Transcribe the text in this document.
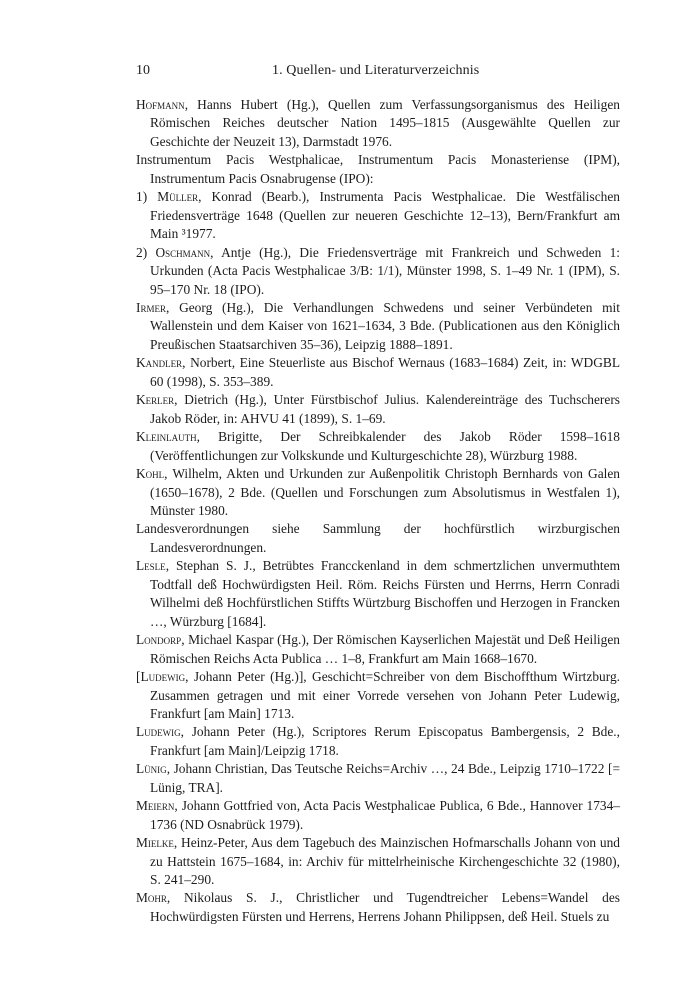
10	1. Quellen- und Literaturverzeichnis

Hofmann, Hanns Hubert (Hg.), Quellen zum Verfassungsorganismus des Heiligen Römischen Reiches deutscher Nation 1495–1815 (Ausgewählte Quellen zur Geschichte der Neuzeit 13), Darmstadt 1976.

Instrumentum Pacis Westphalicae, Instrumentum Pacis Monasteriense (IPM), Instrumentum Pacis Osnabrugense (IPO):

1) Müller, Konrad (Bearb.), Instrumenta Pacis Westphalicae. Die Westfälischen Friedensverträge 1648 (Quellen zur neueren Geschichte 12–13), Bern/Frankfurt am Main ³1977.

2) Oschmann, Antje (Hg.), Die Friedensverträge mit Frankreich und Schweden 1: Urkunden (Acta Pacis Westphalicae 3/B: 1/1), Münster 1998, S. 1–49 Nr. 1 (IPM), S. 95–170 Nr. 18 (IPO).

Irmer, Georg (Hg.), Die Verhandlungen Schwedens und seiner Verbündeten mit Wallenstein und dem Kaiser von 1621–1634, 3 Bde. (Publicationen aus den Königlich Preußischen Staatsarchiven 35–36), Leipzig 1888–1891.

Kandler, Norbert, Eine Steuerliste aus Bischof Wernaus (1683–1684) Zeit, in: WDGBL 60 (1998), S. 353–389.

Kerler, Dietrich (Hg.), Unter Fürstbischof Julius. Kalendereinträge des Tuchscherers Jakob Röder, in: AHVU 41 (1899), S. 1–69.

Kleinlauth, Brigitte, Der Schreibkalender des Jakob Röder 1598–1618 (Veröffentlichungen zur Volkskunde und Kulturgeschichte 28), Würzburg 1988.

Kohl, Wilhelm, Akten und Urkunden zur Außenpolitik Christoph Bernhards von Galen (1650–1678), 2 Bde. (Quellen und Forschungen zum Absolutismus in Westfalen 1), Münster 1980.

Landesverordnungen siehe Sammlung der hochfürstlich wirzburgischen Landesverordnungen.

Lesle, Stephan S. J., Betrübtes Francckenland in dem schmertzlichen unvermuthtem Todtfall deß Hochwürdigsten Heil. Röm. Reichs Fürsten und Herrns, Herrn Conradi Wilhelmi deß Hochfürstlichen Stiffts Würtzburg Bischoffen und Herzogen in Francken …, Würzburg [1684].

Londorp, Michael Kaspar (Hg.), Der Römischen Kayserlichen Majestät und Deß Heiligen Römischen Reichs Acta Publica … 1–8, Frankfurt am Main 1668–1670.

[Ludewig, Johann Peter (Hg.)], Geschicht=Schreiber von dem Bischoffthum Wirtzburg. Zusammen getragen und mit einer Vorrede versehen von Johann Peter Ludewig, Frankfurt [am Main] 1713.

Ludewig, Johann Peter (Hg.), Scriptores Rerum Episcopatus Bambergensis, 2 Bde., Frankfurt [am Main]/Leipzig 1718.

Lünig, Johann Christian, Das Teutsche Reichs=Archiv …, 24 Bde., Leipzig 1710–1722 [= Lünig, TRA].

Meiern, Johann Gottfried von, Acta Pacis Westphalicae Publica, 6 Bde., Hannover 1734–1736 (ND Osnabrück 1979).

Mielke, Heinz-Peter, Aus dem Tagebuch des Mainzischen Hofmarschalls Johann von und zu Hattstein 1675–1684, in: Archiv für mittelrheinische Kirchengeschichte 32 (1980), S. 241–290.

Mohr, Nikolaus S. J., Christlicher und Tugendtreicher Lebens=Wandel des Hochwürdigsten Fürsten und Herrens, Herrens Johann Philippsen, deß Heil. Stuels zu
